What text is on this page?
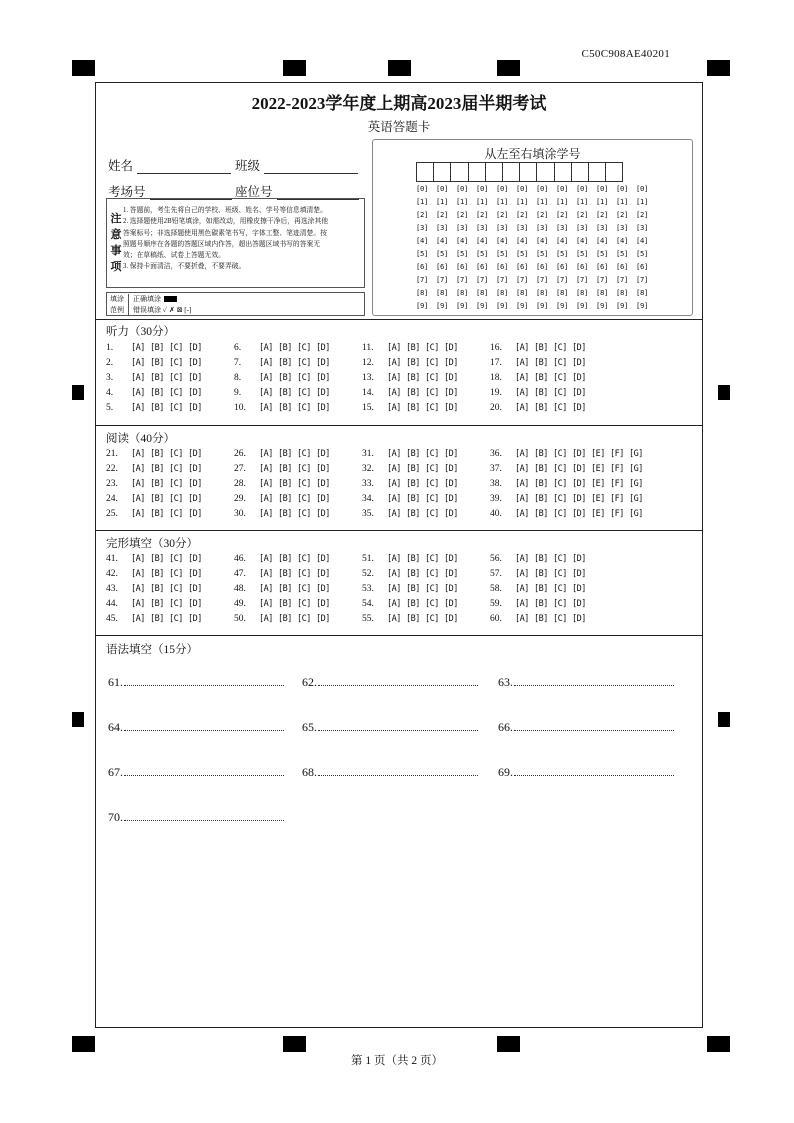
C50C908AE40201
2022-2023学年度上期高2023届半期考试
英语答题卡
姓名	班级
考场号	座位号
注意事项
1. 答题前，考生先将自己的学校、班级、姓名、学号等信息填清楚。
2. 选择题使用2B铅笔填涂，如需改动，用橡皮擦干净后，再选涂其他
答案标号；非选择题使用黑色碳素笔书写，字体工整、笔迹清楚。按
照题号顺序在各题的答题区域内作答，超出答题区域书写的答案无
效；在草稿纸、试卷上答题无效。
3. 保持卡面清洁，不要折叠，不要弄破。
填涂 范例
正确填涂
错误填涂 ✓ ✗ ⊠ [-]
从左至右填涂学号
[0]	[0]	[0]	[0]	[0]	[0]	[0]	[0]	[0]	[0]	[0]	[0]
[1]	[1]	[1]	[1]	[1]	[1]	[1]	[1]	[1]	[1]	[1]	[1]
[2]	[2]	[2]	[2]	[2]	[2]	[2]	[2]	[2]	[2]	[2]	[2]
[3]	[3]	[3]	[3]	[3]	[3]	[3]	[3]	[3]	[3]	[3]	[3]
[4]	[4]	[4]	[4]	[4]	[4]	[4]	[4]	[4]	[4]	[4]	[4]
[5]	[5]	[5]	[5]	[5]	[5]	[5]	[5]	[5]	[5]	[5]	[5]
[6]	[6]	[6]	[6]	[6]	[6]	[6]	[6]	[6]	[6]	[6]	[6]
[7]	[7]	[7]	[7]	[7]	[7]	[7]	[7]	[7]	[7]	[7]	[7]
[8]	[8]	[8]	[8]	[8]	[8]	[8]	[8]	[8]	[8]	[8]	[8]
[9]	[9]	[9]	[9]	[9]	[9]	[9]	[9]	[9]	[9]	[9]	[9]
听力（30分）
1. [A] [B] [C] [D]	6. [A] [B] [C] [D]	11. [A] [B] [C] [D]	16. [A] [B] [C] [D]
2. [A] [B] [C] [D]	7. [A] [B] [C] [D]	12. [A] [B] [C] [D]	17. [A] [B] [C] [D]
3. [A] [B] [C] [D]	8. [A] [B] [C] [D]	13. [A] [B] [C] [D]	18. [A] [B] [C] [D]
4. [A] [B] [C] [D]	9. [A] [B] [C] [D]	14. [A] [B] [C] [D]	19. [A] [B] [C] [D]
5. [A] [B] [C] [D]	10. [A] [B] [C] [D]	15. [A] [B] [C] [D]	20. [A] [B] [C] [D]
阅读（40分）
21. [A] [B] [C] [D]	26. [A] [B] [C] [D]	31. [A] [B] [C] [D]	36. [A] [B] [C] [D] [E] [F] [G]
22. [A] [B] [C] [D]	27. [A] [B] [C] [D]	32. [A] [B] [C] [D]	37. [A] [B] [C] [D] [E] [F] [G]
23. [A] [B] [C] [D]	28. [A] [B] [C] [D]	33. [A] [B] [C] [D]	38. [A] [B] [C] [D] [E] [F] [G]
24. [A] [B] [C] [D]	29. [A] [B] [C] [D]	34. [A] [B] [C] [D]	39. [A] [B] [C] [D] [E] [F] [G]
25. [A] [B] [C] [D]	30. [A] [B] [C] [D]	35. [A] [B] [C] [D]	40. [A] [B] [C] [D] [E] [F] [G]
完形填空（30分）
41. [A] [B] [C] [D]	46. [A] [B] [C] [D]	51. [A] [B] [C] [D]	56. [A] [B] [C] [D]
42. [A] [B] [C] [D]	47. [A] [B] [C] [D]	52. [A] [B] [C] [D]	57. [A] [B] [C] [D]
43. [A] [B] [C] [D]	48. [A] [B] [C] [D]	53. [A] [B] [C] [D]	58. [A] [B] [C] [D]
44. [A] [B] [C] [D]	49. [A] [B] [C] [D]	54. [A] [B] [C] [D]	59. [A] [B] [C] [D]
45. [A] [B] [C] [D]	50. [A] [B] [C] [D]	55. [A] [B] [C] [D]	60. [A] [B] [C] [D]
语法填空（15分）
61.	62.	63.
64.	65.	66.
67.	68.	69.
70.
第 1 页（共 2 页）
